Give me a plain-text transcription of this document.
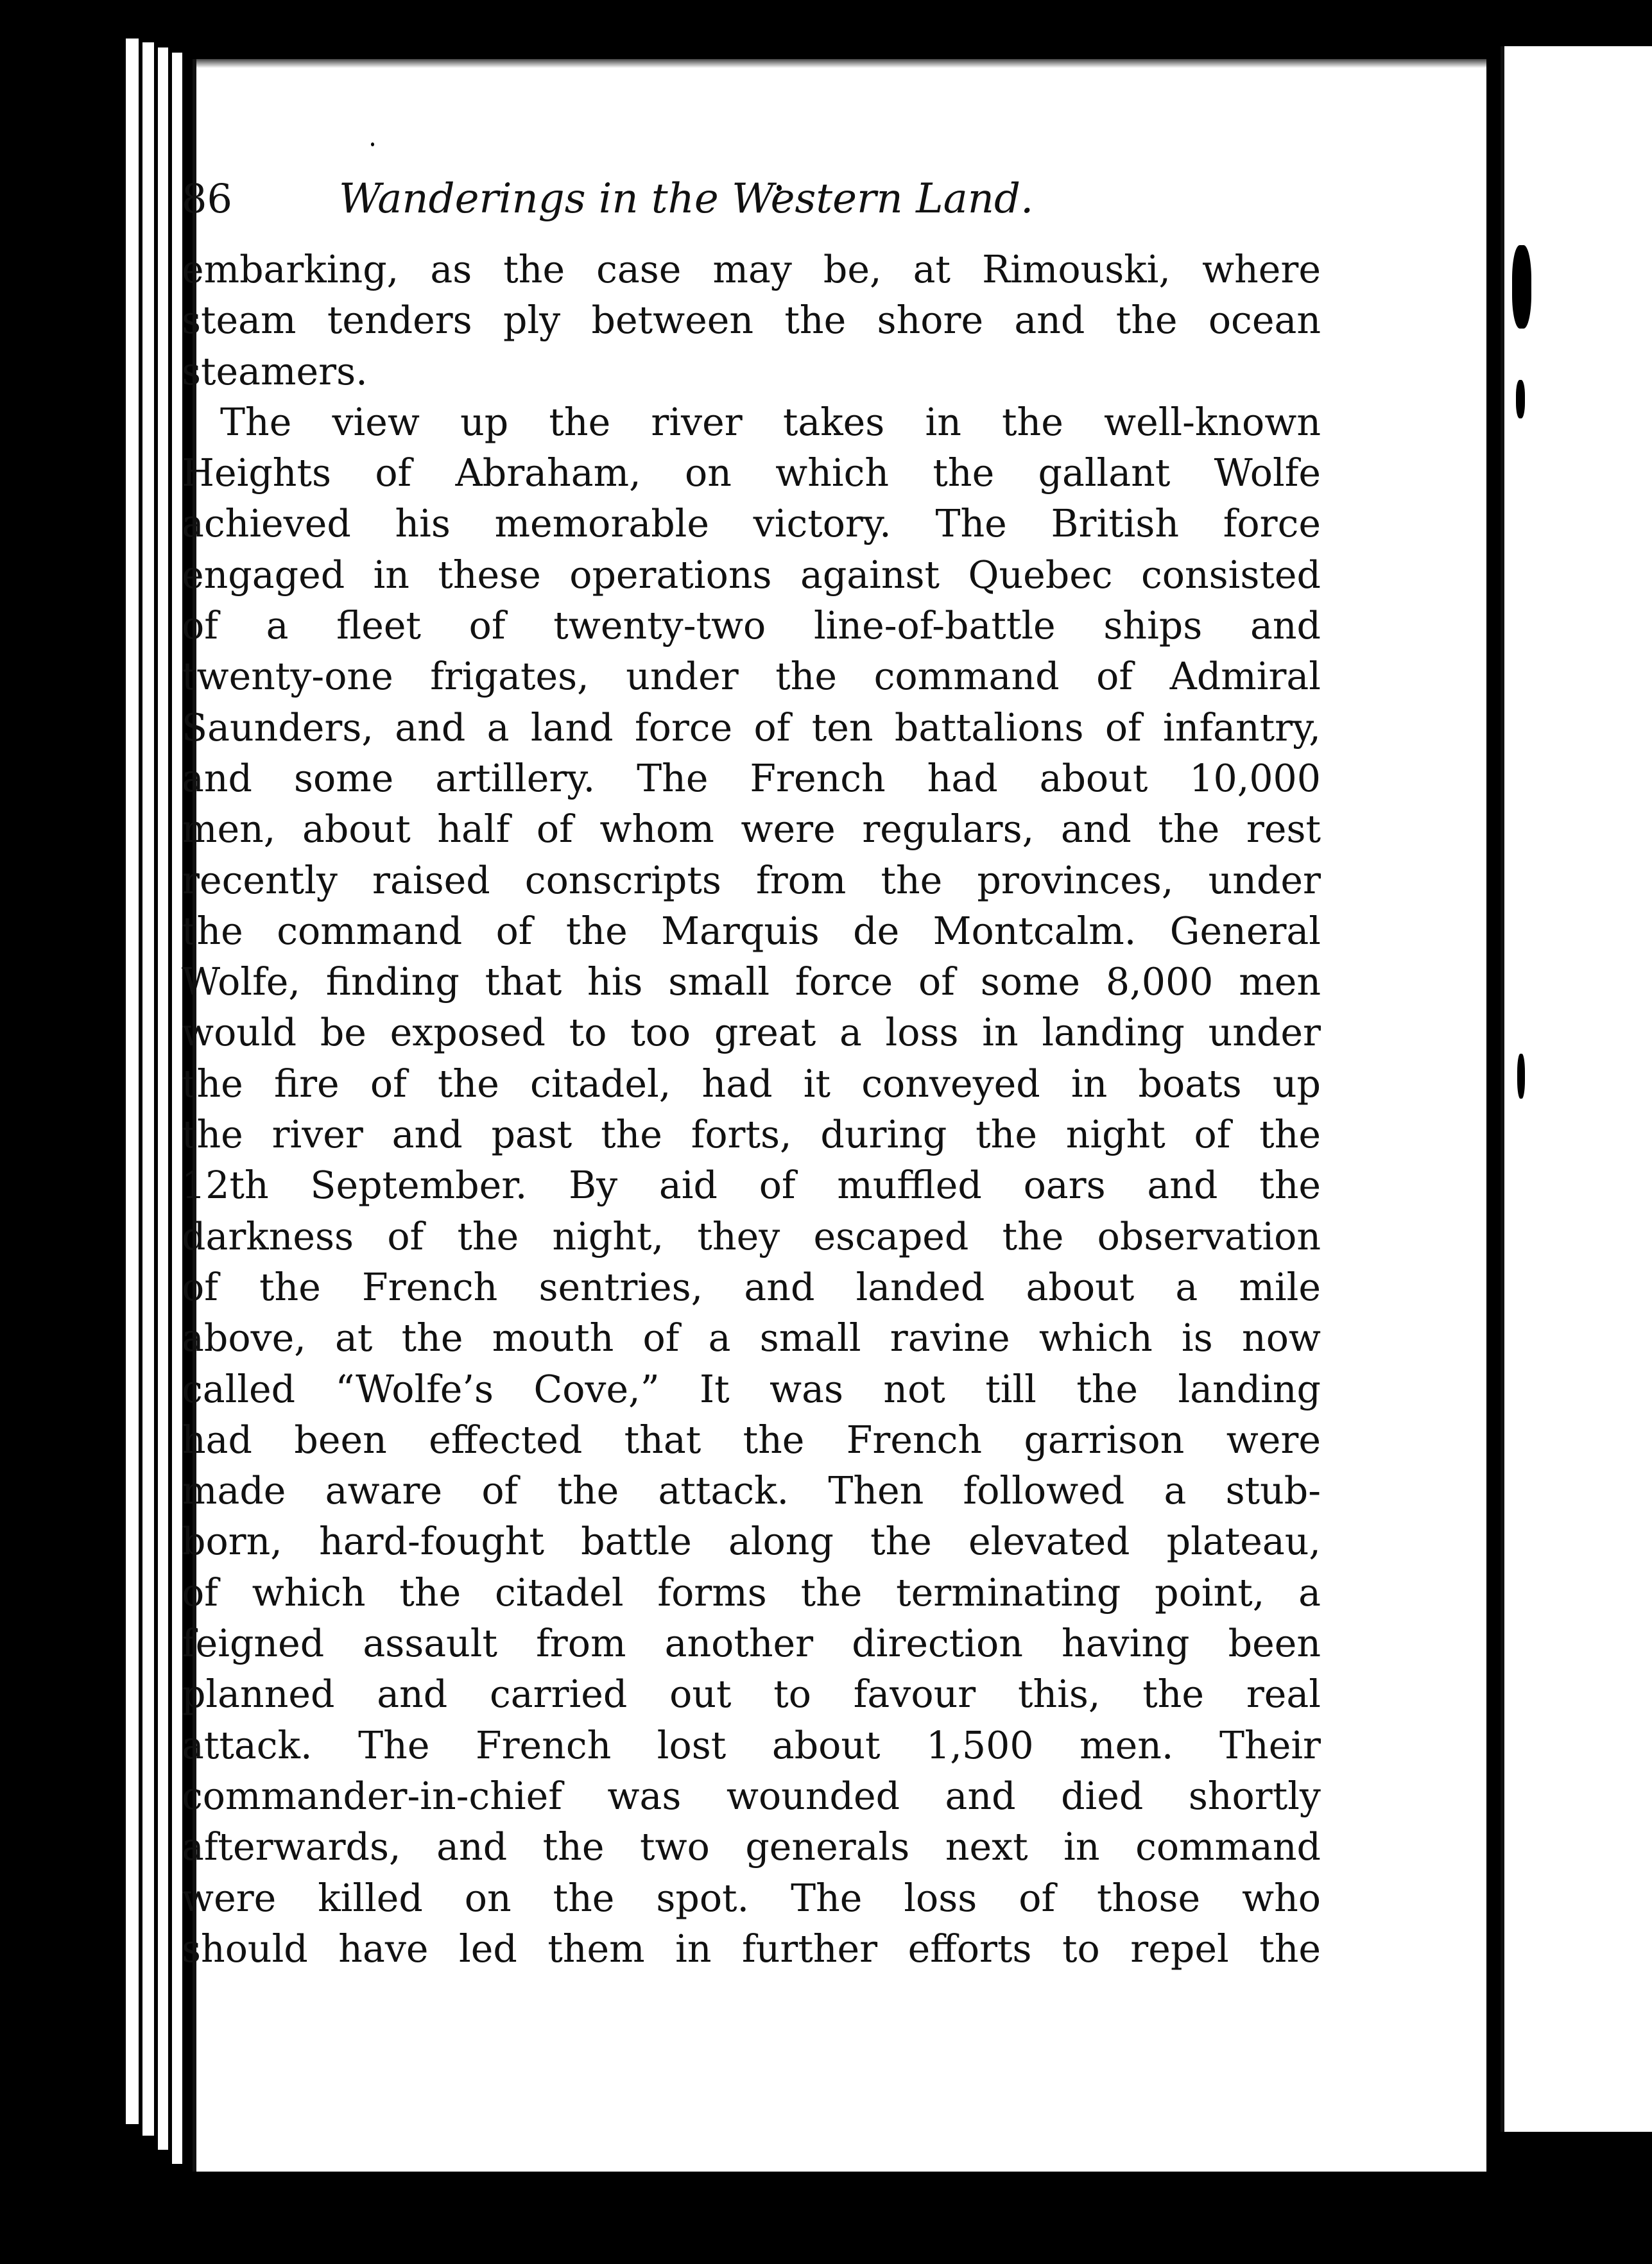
86	Wanderings in the Western Land.
embarking, as the case may be, at Rimouski, where
steam tenders ply between the shore and the ocean
steamers.
The view up the river takes in the well-known
Heights of Abraham, on which the gallant Wolfe
achieved his memorable victory. The British force
engaged in these operations against Quebec consisted
of a fleet of twenty-two line-of-battle ships and
twenty-one frigates, under the command of Admiral
Saunders, and a land force of ten battalions of infantry,
and some artillery. The French had about 10,000
men, about half of whom were regulars, and the rest
recently raised conscripts from the provinces, under
the command of the Marquis de Montcalm. General
Wolfe, finding that his small force of some 8,000 men
would be exposed to too great a loss in landing under
the fire of the citadel, had it conveyed in boats up
the river and past the forts, during the night of the
12th September. By aid of muffled oars and the
darkness of the night, they escaped the observation
of the French sentries, and landed about a mile
above, at the mouth of a small ravine which is now
called “Wolfe’s Cove,” It was not till the landing
had been effected that the French garrison were
made aware of the attack. Then followed a stub-
born, hard-fought battle along the elevated plateau,
of which the citadel forms the terminating point, a
feigned assault from another direction having been
planned and carried out to favour this, the real
attack. The French lost about 1,500 men. Their
commander-in-chief was wounded and died shortly
afterwards, and the two generals next in command
were killed on the spot. The loss of those who
should have led them in further efforts to repel the
